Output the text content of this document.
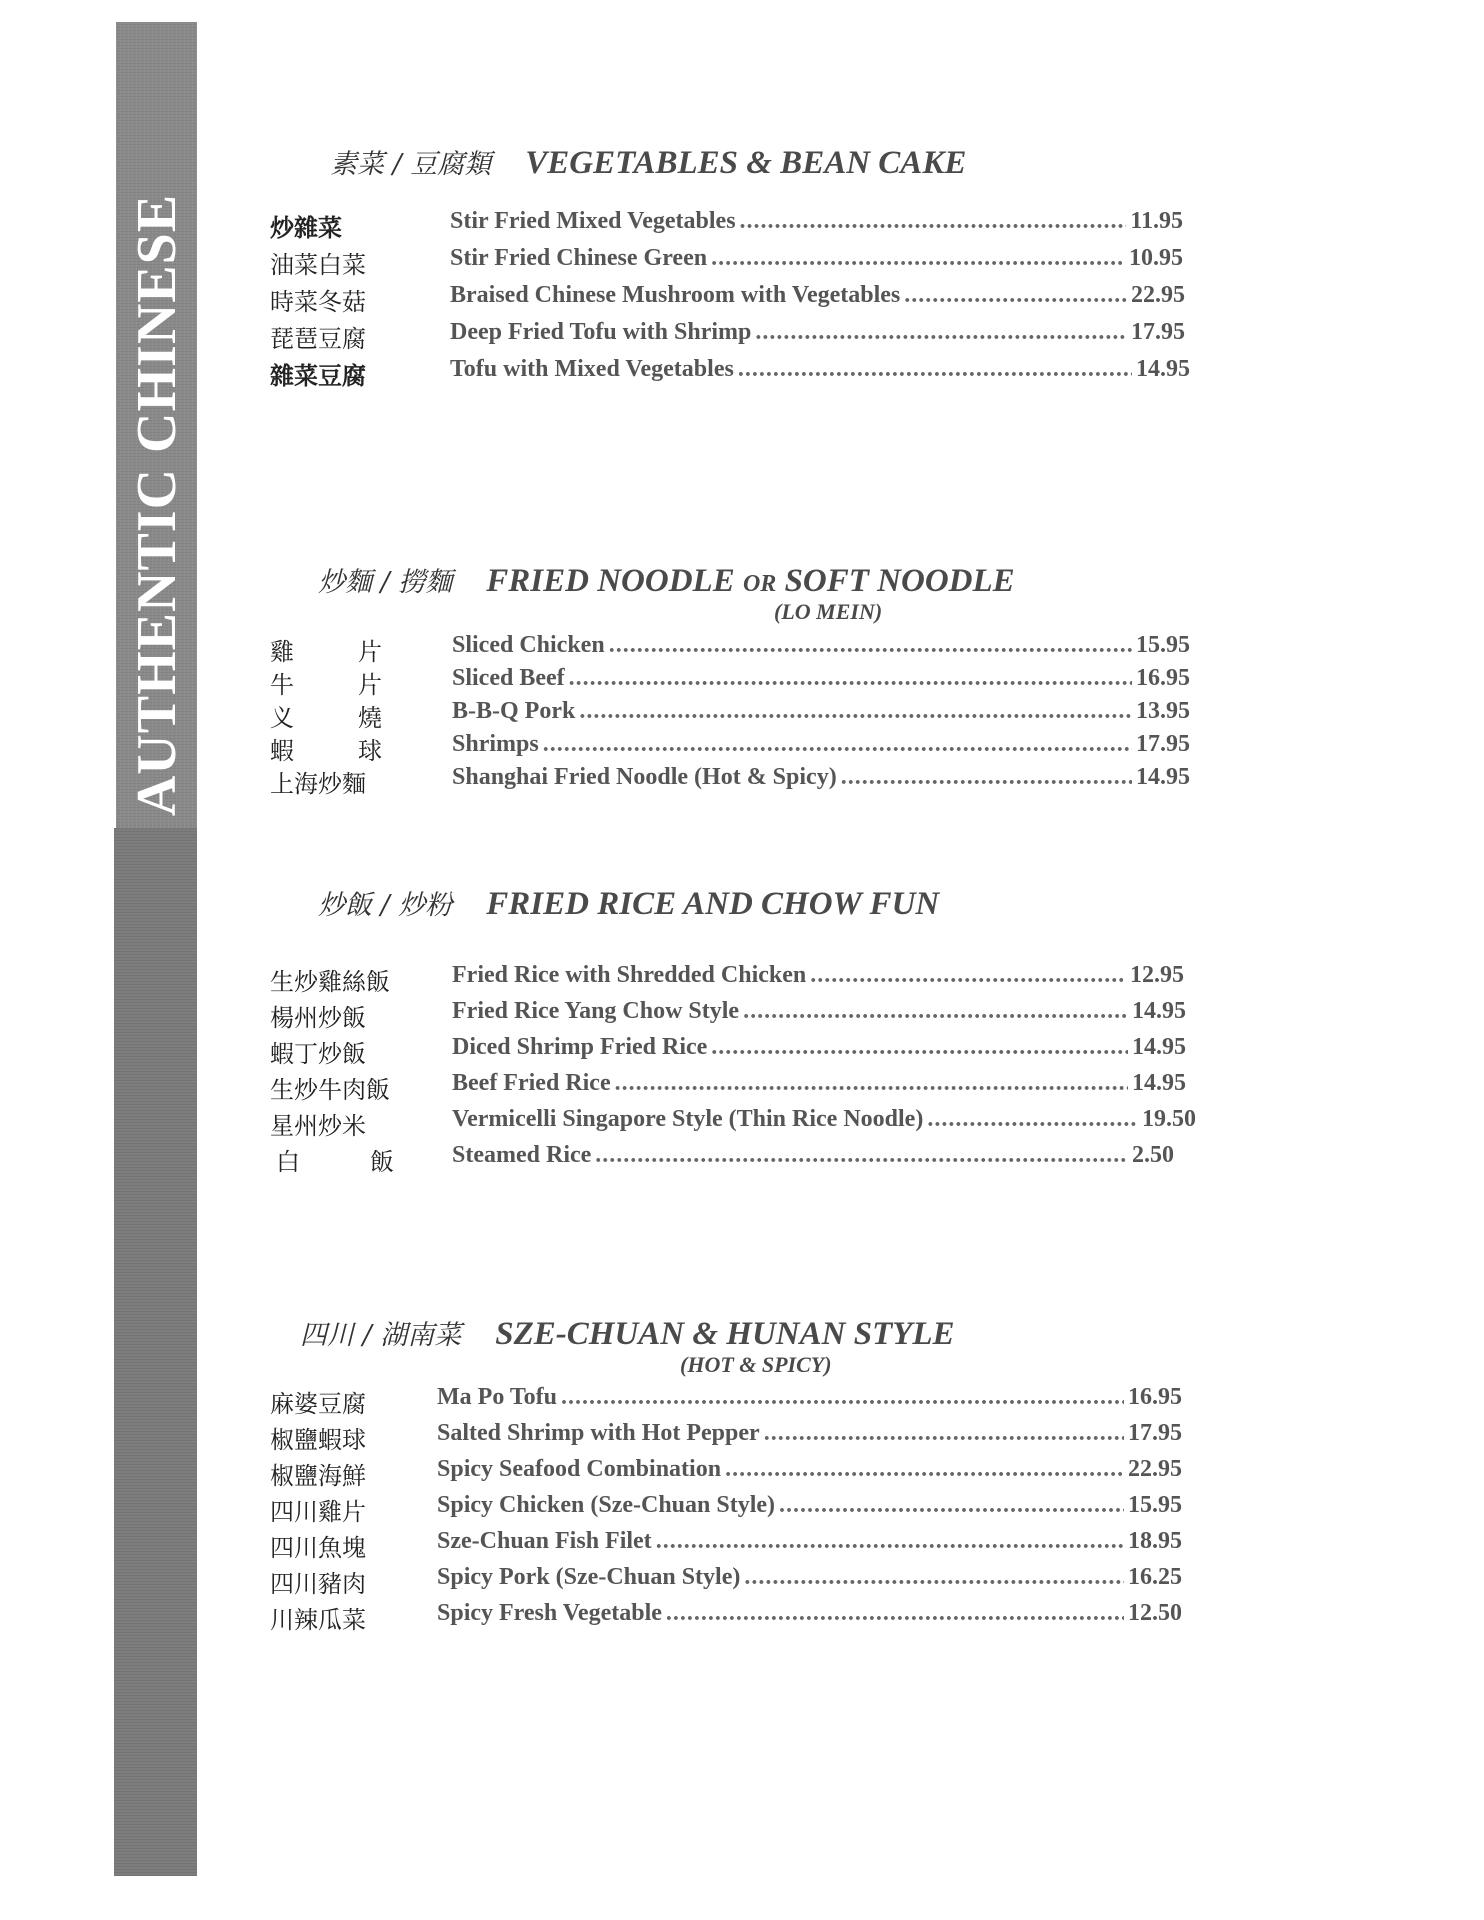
AUTHENTIC CHINESE
素菜 / 豆腐類 VEGETABLES & BEAN CAKE
炒雜菜	Stir Fried Mixed Vegetables .....	11.95
油菜白菜	Stir Fried Chinese Green .....	10.95
時菜冬菇	Braised Chinese Mushroom with Vegetables .....	22.95
琵琶豆腐	Deep Fried Tofu with Shrimp .....	17.95
雜菜豆腐	Tofu with Mixed Vegetables .....	14.95
炒麵 / 撈麵 FRIED NOODLE OR SOFT NOODLE
(LO MEIN)
雞	片	Sliced Chicken .....	15.95
牛	片	Sliced Beef .....	16.95
义	燒	B-B-Q Pork .....	13.95
蝦	球	Shrimps .....	17.95
上海炒麵	Shanghai Fried Noodle (Hot & Spicy) .....	14.95
炒飯 / 炒粉 FRIED RICE AND CHOW FUN
生炒雞絲飯	Fried Rice with Shredded Chicken .....	12.95
楊州炒飯	Fried Rice Yang Chow Style .....	14.95
蝦丁炒飯	Diced Shrimp Fried Rice .....	14.95
生炒牛肉飯	Beef Fried Rice .....	14.95
星州炒米	Vermicelli Singapore Style (Thin Rice Noodle) .....	19.50
白	飯 Steamed Rice .....	2.50
四川 / 湖南菜 SZE-CHUAN & HUNAN STYLE
(HOT & SPICY)
麻婆豆腐	Ma Po Tofu .....	16.95
椒鹽蝦球	Salted Shrimp with Hot Pepper .....	17.95
椒鹽海鮮	Spicy Seafood Combination .....	22.95
四川雞片	Spicy Chicken (Sze-Chuan Style) .....	15.95
四川魚塊	Sze-Chuan Fish Filet .....	18.95
四川豬肉	Spicy Pork (Sze-Chuan Style) .....	16.25
川辣瓜菜	Spicy Fresh Vegetable .....	12.50
